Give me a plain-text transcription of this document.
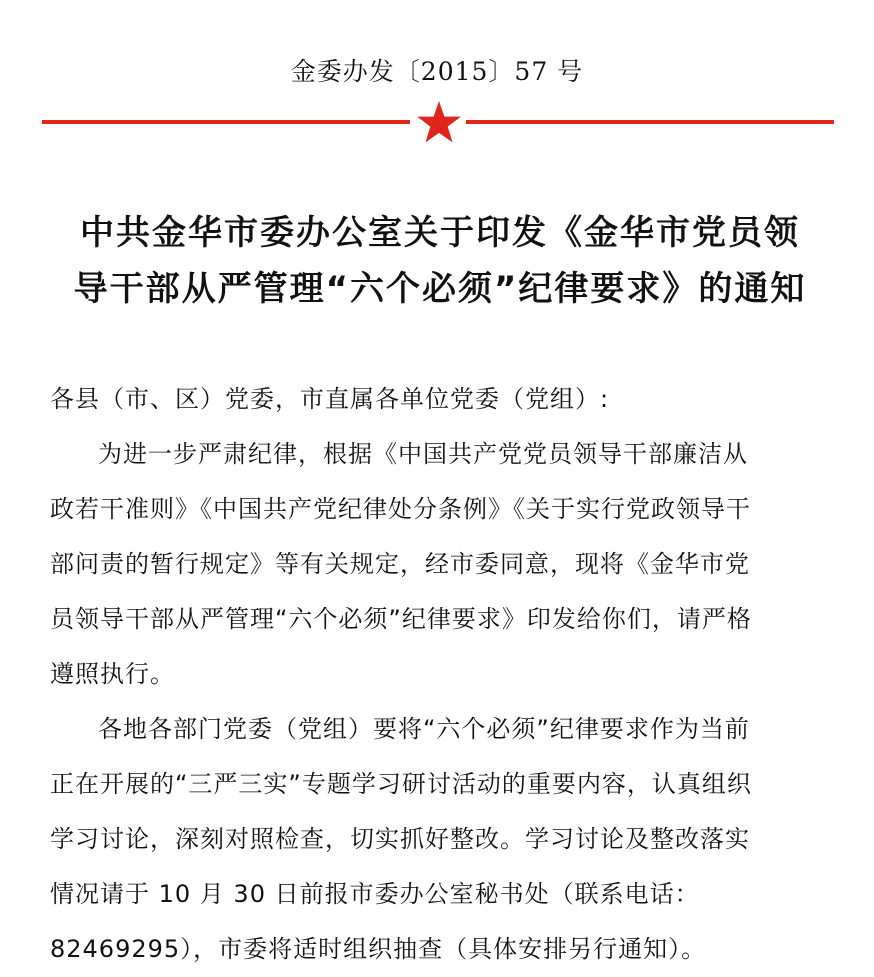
金委办发〔2015〕57 号
中共金华市委办公室关于印发《金华市党员领
导干部从严管理“六个必须”纪律要求》的通知

各县（市、区）党委，市直属各单位党委（党组）:

为进一步严肃纪律，根据《中国共产党党员领导干部廉洁从
政若干准则》《中国共产党纪律处分条例》《关于实行党政领导干
部问责的暂行规定》等有关规定，经市委同意，现将《金华市党
员领导干部从严管理“六个必须”纪律要求》印发给你们，请严格
遵照执行。

各地各部门党委（党组）要将“六个必须”纪律要求作为当前
正在开展的“三严三实”专题学习研讨活动的重要内容，认真组织
学习讨论，深刻对照检查，切实抓好整改。学习讨论及整改落实
情况请于 10 月 30 日前报市委办公室秘书处（联系电话：
82469295），市委将适时组织抽查（具体安排另行通知）。
